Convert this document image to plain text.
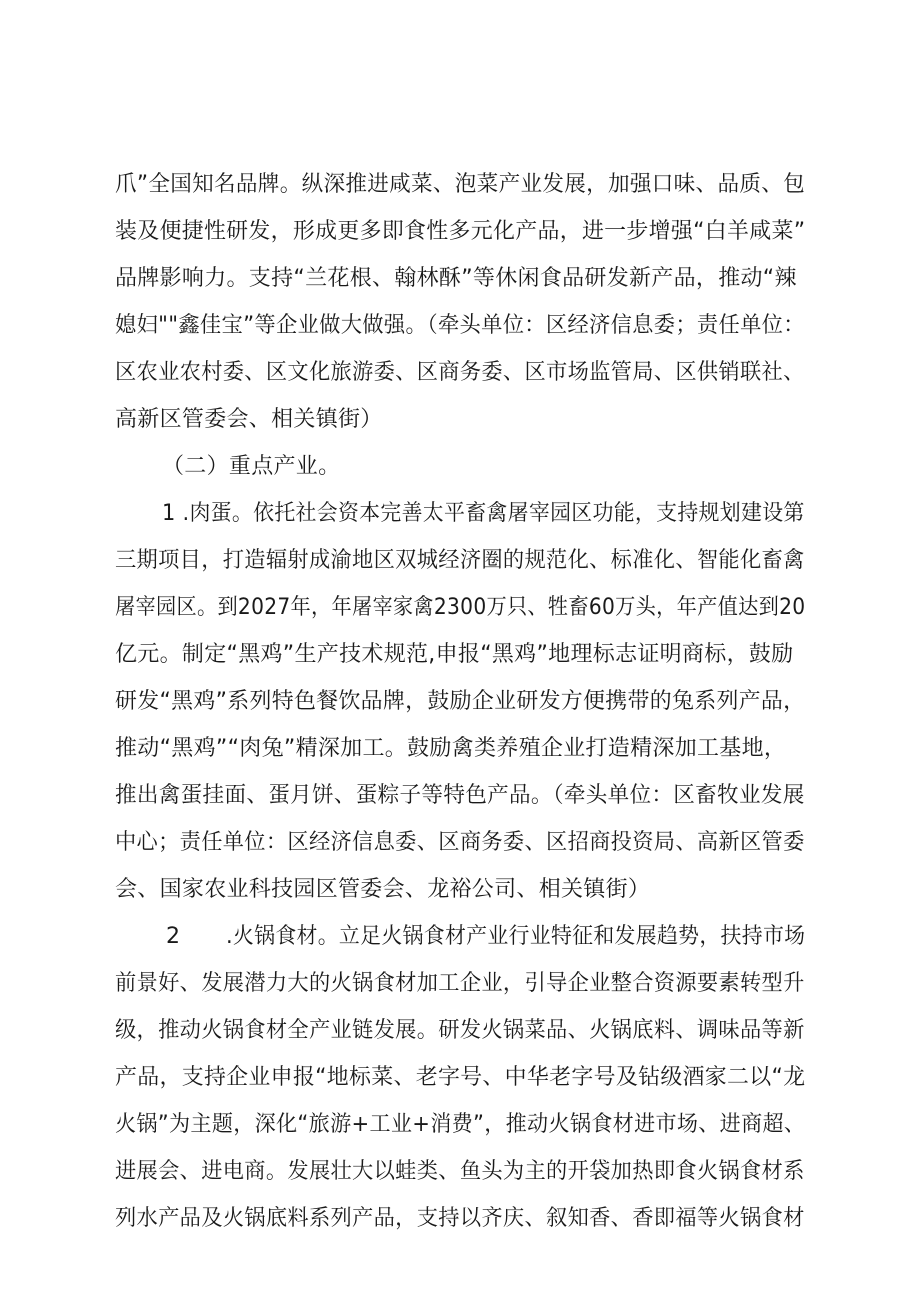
爪”全国知名品牌。纵深推进咸菜、泡菜产业发展，加强口味、品质、包
装及便捷性研发，形成更多即食性多元化产品，进一步增强“白羊咸菜”
品牌影响力。支持“兰花根、翰林酥”等休闲食品研发新产品，推动“辣
媳妇""鑫佳宝”等企业做大做强。（牵头单位：区经济信息委；责任单位：
区农业农村委、区文化旅游委、区商务委、区市场监管局、区供销联社、
高新区管委会、相关镇街）
（二）重点产业。
1 .肉蛋。依托社会资本完善太平畜禽屠宰园区功能，支持规划建设第
三期项目，打造辐射成渝地区双城经济圈的规范化、标准化、智能化畜禽
屠宰园区。到2027年，年屠宰家禽2300万只、牲畜60万头，年产值达到20
亿元。制定“黑鸡”生产技术规范,申报“黑鸡”地理标志证明商标，鼓励
研发“黑鸡”系列特色餐饮品牌，鼓励企业研发方便携带的兔系列产品，
推动“黑鸡”“肉兔”精深加工。鼓励禽类养殖企业打造精深加工基地，
推出禽蛋挂面、蛋月饼、蛋粽子等特色产品。（牵头单位：区畜牧业发展
中心；责任单位：区经济信息委、区商务委、区招商投资局、高新区管委
会、国家农业科技园区管委会、龙裕公司、相关镇街）
2 .火锅食材。立足火锅食材产业行业特征和发展趋势，扶持市场
前景好、发展潜力大的火锅食材加工企业，引导企业整合资源要素转型升
级，推动火锅食材全产业链发展。研发火锅菜品、火锅底料、调味品等新
产品，支持企业申报“地标菜、老字号、中华老字号及钻级酒家二以“龙
火锅”为主题，深化“旅游+工业+消费”，推动火锅食材进市场、进商超、
进展会、进电商。发展壮大以蛙类、鱼头为主的开袋加热即食火锅食材系
列水产品及火锅底料系列产品，支持以齐庆、叙知香、香即福等火锅食材
